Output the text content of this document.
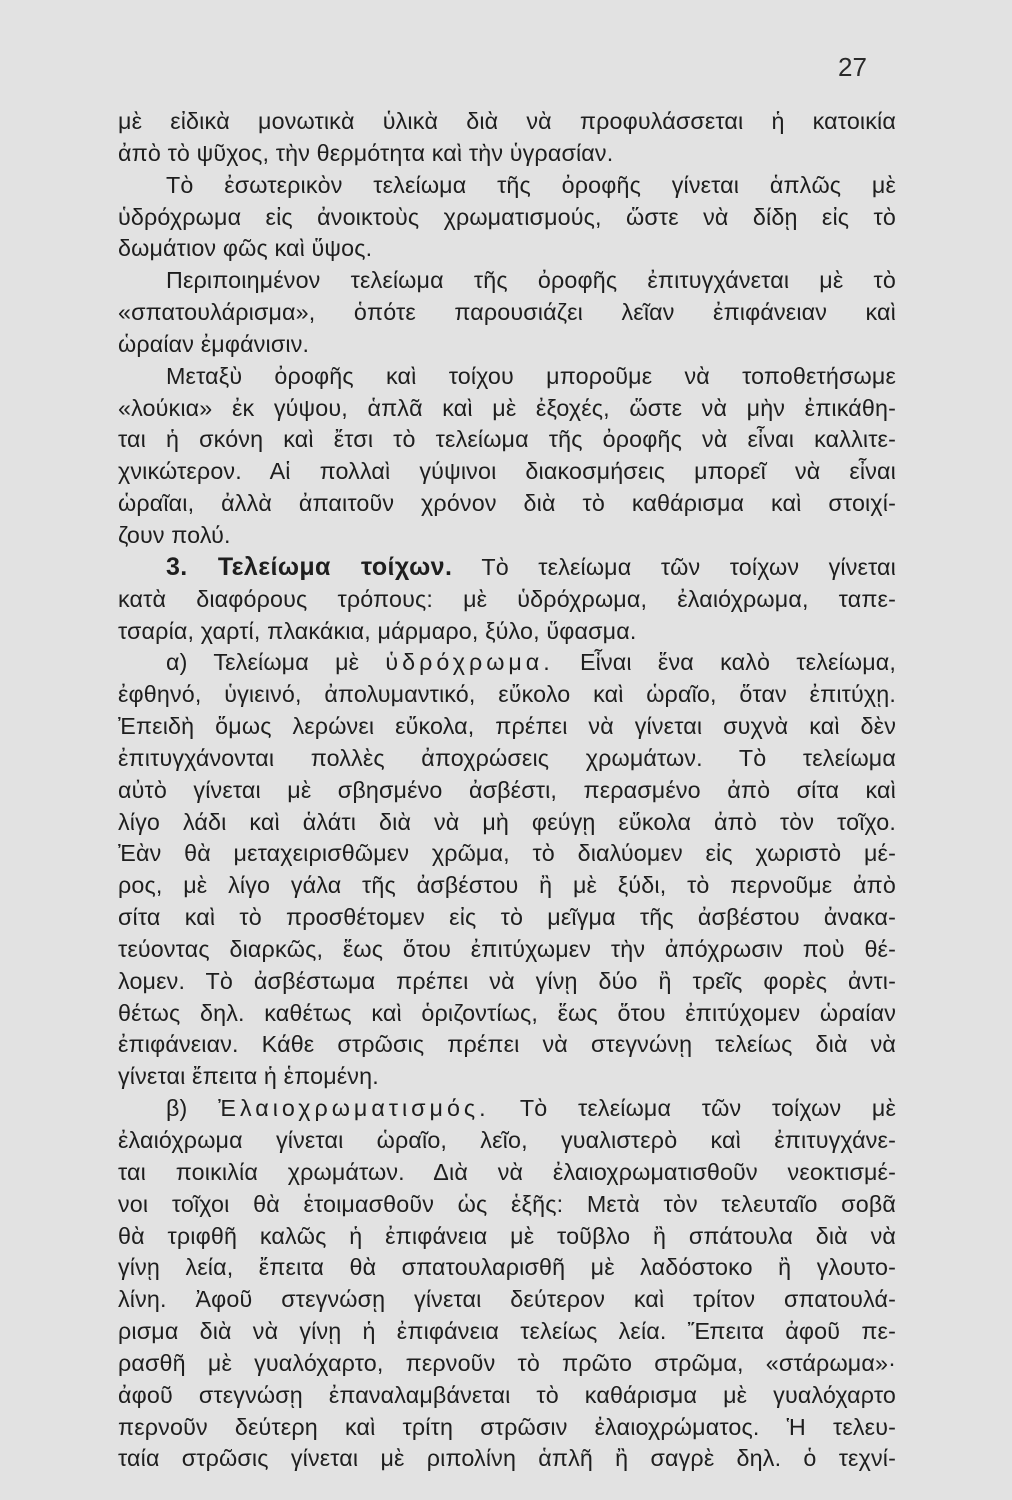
27
μὲ εἰδικὰ μονωτικὰ ὑλικὰ διὰ νὰ προφυλάσσεται ἡ κατοικία
ἀπὸ τὸ ψῦχος, τὴν θερμότητα καὶ τὴν ὑγρασίαν.
Τὸ ἐσωτερικὸν τελείωμα τῆς ὀροφῆς γίνεται ἁπλῶς μὲ
ὑδρόχρωμα εἰς ἀνοικτοὺς χρωματισμούς, ὥστε νὰ δίδῃ εἰς τὸ
δωμάτιον φῶς καὶ ὕψος.
Περιποιημένον τελείωμα τῆς ὀροφῆς ἐπιτυγχάνεται μὲ τὸ
«σπατουλάρισμα», ὁπότε παρουσιάζει λεῖαν ἐπιφάνειαν καὶ
ὡραίαν ἐμφάνισιν.
Μεταξὺ ὀροφῆς καὶ τοίχου μποροῦμε νὰ τοποθετήσωμε
«λούκια» ἐκ γύψου, ἁπλᾶ καὶ μὲ ἐξοχές, ὥστε νὰ μὴν ἐπικάθη-
ται ἡ σκόνη καὶ ἔτσι τὸ τελείωμα τῆς ὀροφῆς νὰ εἶναι καλλιτε-
χνικώτερον. Αἱ πολλαὶ γύψινοι διακοσμήσεις μπορεῖ νὰ εἶναι
ὡραῖαι, ἀλλὰ ἀπαιτοῦν χρόνον διὰ τὸ καθάρισμα καὶ στοιχί-
ζουν πολύ.
3. Τελείωμα τοίχων. Τὸ τελείωμα τῶν τοίχων γίνεται
κατὰ διαφόρους τρόπους: μὲ ὑδρόχρωμα, ἐλαιόχρωμα, ταπε-
τσαρία, χαρτί, πλακάκια, μάρμαρο, ξύλο, ὕφασμα.
α) Τελείωμα μὲ ὑδρόχρωμα. Εἶναι ἕνα καλὸ τελείωμα,
ἐφθηνό, ὑγιεινό, ἀπολυμαντικό, εὔκολο καὶ ὡραῖο, ὅταν ἐπιτύχῃ.
Ἐπειδὴ ὅμως λερώνει εὔκολα, πρέπει νὰ γίνεται συχνὰ καὶ δὲν
ἐπιτυγχάνονται πολλὲς ἀποχρώσεις χρωμάτων. Τὸ τελείωμα
αὐτὸ γίνεται μὲ σβησμένο ἀσβέστι, περασμένο ἀπὸ σίτα καὶ
λίγο λάδι καὶ ἁλάτι διὰ νὰ μὴ φεύγῃ εὔκολα ἀπὸ τὸν τοῖχο.
Ἐὰν θὰ μεταχειρισθῶμεν χρῶμα, τὸ διαλύομεν εἰς χωριστὸ μέ-
ρος, μὲ λίγο γάλα τῆς ἀσβέστου ἢ μὲ ξύδι, τὸ περνοῦμε ἀπὸ
σίτα καὶ τὸ προσθέτομεν εἰς τὸ μεῖγμα τῆς ἀσβέστου ἀνακα-
τεύοντας διαρκῶς, ἕως ὅτου ἐπιτύχωμεν τὴν ἀπόχρωσιν ποὺ θέ-
λομεν. Τὸ ἀσβέστωμα πρέπει νὰ γίνῃ δύο ἢ τρεῖς φορὲς ἀντι-
θέτως δηλ. καθέτως καὶ ὁριζοντίως, ἕως ὅτου ἐπιτύχομεν ὡραίαν
ἐπιφάνειαν. Κάθε στρῶσις πρέπει νὰ στεγνώνῃ τελείως διὰ νὰ
γίνεται ἔπειτα ἡ ἑπομένη.
β) Ἐλαιοχρωματισμός. Τὸ τελείωμα τῶν τοίχων μὲ
ἐλαιόχρωμα γίνεται ὡραῖο, λεῖο, γυαλιστερὸ καὶ ἐπιτυγχάνε-
ται ποικιλία χρωμάτων. Διὰ νὰ ἐλαιοχρωματισθοῦν νεοκτισμέ-
νοι τοῖχοι θὰ ἑτοιμασθοῦν ὡς ἑξῆς: Μετὰ τὸν τελευταῖο σοβᾶ
θὰ τριφθῆ καλῶς ἡ ἐπιφάνεια μὲ τοῦβλο ἢ σπάτουλα διὰ νὰ
γίνῃ λεία, ἔπειτα θὰ σπατουλαρισθῆ μὲ λαδόστοκο ἢ γλουτο-
λίνη. Ἀφοῦ στεγνώσῃ γίνεται δεύτερον καὶ τρίτον σπατουλά-
ρισμα διὰ νὰ γίνῃ ἡ ἐπιφάνεια τελείως λεία. Ἔπειτα ἀφοῦ πε-
ρασθῆ μὲ γυαλόχαρτο, περνοῦν τὸ πρῶτο στρῶμα, «στάρωμα»·
ἀφοῦ στεγνώσῃ ἐπαναλαμβάνεται τὸ καθάρισμα μὲ γυαλόχαρτο
περνοῦν δεύτερη καὶ τρίτη στρῶσιν ἐλαιοχρώματος. Ἡ τελευ-
ταία στρῶσις γίνεται μὲ ριπολίνη ἁπλῆ ἢ σαγρὲ δηλ. ὁ τεχνί-
